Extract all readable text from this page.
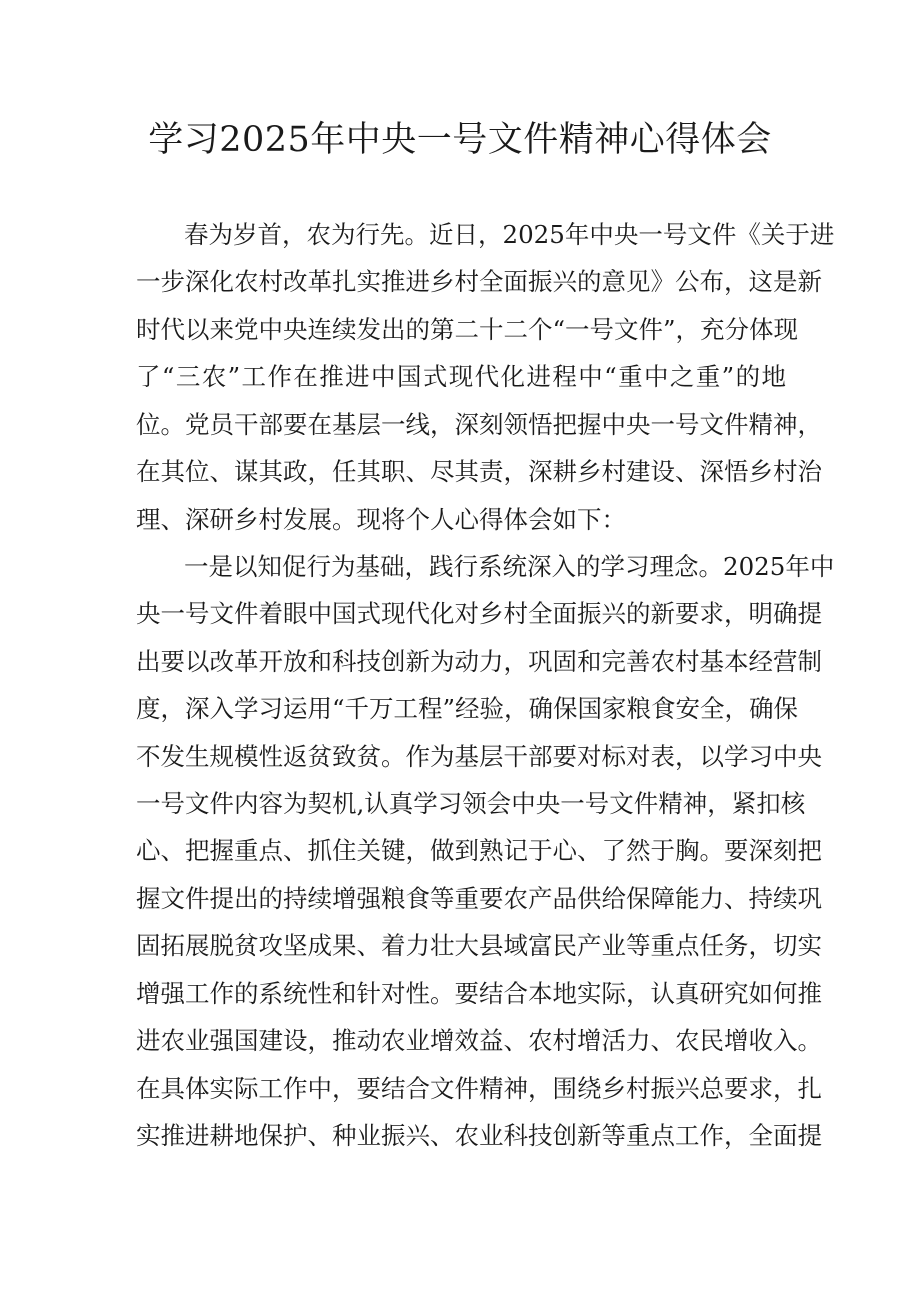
学习2025年中央一号文件精神心得体会

春为岁首，农为行先。近日，2025年中央一号文件《关于进

一步深化农村改革扎实推进乡村全面振兴的意见》公布，这是新

时代以来党中央连续发出的第二十二个“一号文件”，充分体现

了“三农”工作在推进中国式现代化进程中“重中之重”的地

位。党员干部要在基层一线，深刻领悟把握中央一号文件精神，

在其位、谋其政，任其职、尽其责，深耕乡村建设、深悟乡村治

理、深研乡村发展。现将个人心得体会如下：

一是以知促行为基础，践行系统深入的学习理念。2025年中

央一号文件着眼中国式现代化对乡村全面振兴的新要求，明确提

出要以改革开放和科技创新为动力，巩固和完善农村基本经营制

度，深入学习运用“千万工程”经验，确保国家粮食安全，确保

不发生规模性返贫致贫。作为基层干部要对标对表，以学习中央

一号文件内容为契机,认真学习领会中央一号文件精神，紧扣核

心、把握重点、抓住关键，做到熟记于心、了然于胸。要深刻把

握文件提出的持续增强粮食等重要农产品供给保障能力、持续巩

固拓展脱贫攻坚成果、着力壮大县域富民产业等重点任务，切实

增强工作的系统性和针对性。要结合本地实际，认真研究如何推

进农业强国建设，推动农业增效益、农村增活力、农民增收入。

在具体实际工作中，要结合文件精神，围绕乡村振兴总要求，扎

实推进耕地保护、种业振兴、农业科技创新等重点工作，全面提
